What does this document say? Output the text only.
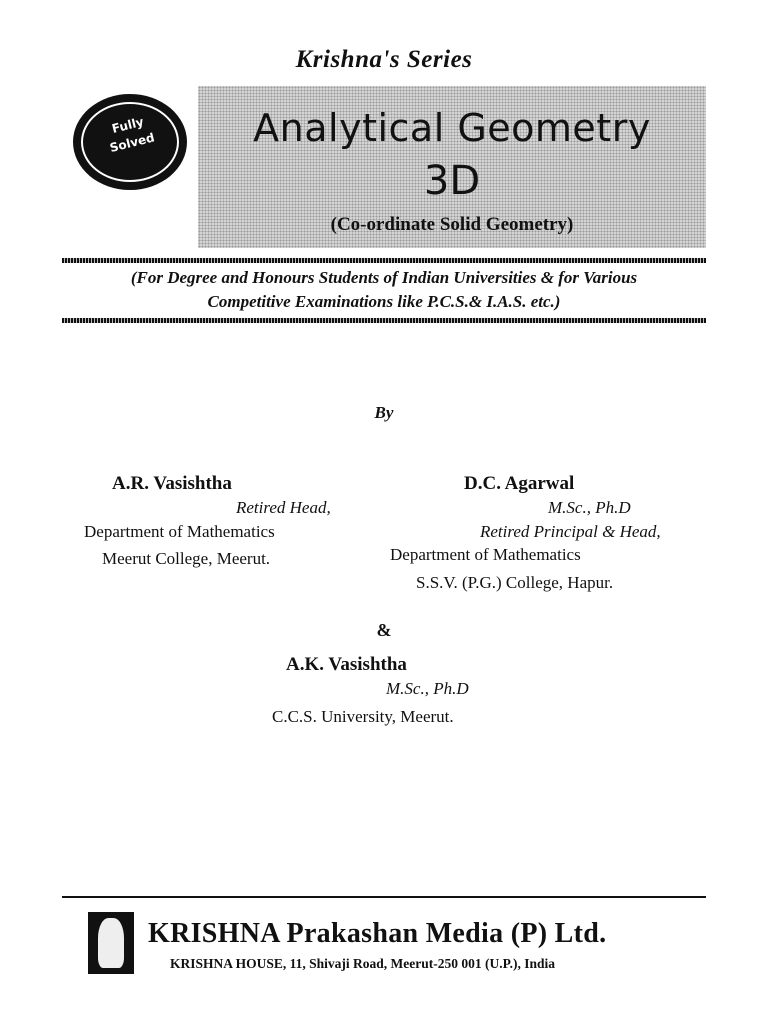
Krishna's Series
Analytical Geometry
3D
(Co-ordinate Solid Geometry)
Fully
Solved
(For Degree and Honours Students of Indian Universities & for Various
Competitive Examinations like P.C.S.& I.A.S. etc.)
By
A.R. Vasishtha
Retired Head,
Department of Mathematics
Meerut College, Meerut.
D.C. Agarwal
M.Sc., Ph.D
Retired Principal & Head,
Department of Mathematics
S.S.V. (P.G.) College, Hapur.
&
A.K. Vasishtha
M.Sc., Ph.D
C.C.S. University, Meerut.
KRISHNA Prakashan Media (P) Ltd.
KRISHNA HOUSE, 11, Shivaji Road, Meerut-250 001 (U.P.), India
